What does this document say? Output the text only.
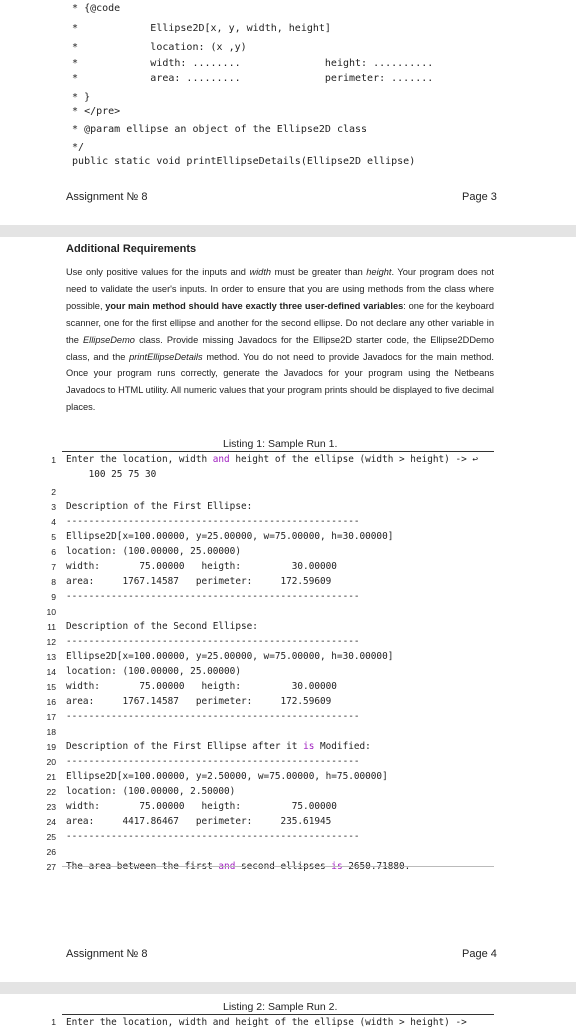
* {@code
*            Ellipse2D[x, y, width, height]
*            location: (x ,y)
*            width: ........              height: ..........
*            area: .........              perimeter: .......
* }
* </pre>
* @param ellipse an object of the Ellipse2D class
*/
public static void printEllipseDetails(Ellipse2D ellipse)
Assignment № 8	Page 3
Additional Requirements
Use only positive values for the inputs and width must be greater than height. Your program does not need to validate the user's inputs. In order to ensure that you are using methods from the class where possible, your main method should have exactly three user-defined variables: one for the keyboard scanner, one for the first ellipse and another for the second ellipse. Do not declare any other variable in the EllipseDemo class. Provide missing Javadocs for the Ellipse2D starter code, the Ellipse2DDemo class, and the printEllipseDetails method. You do not need to provide Javadocs for the main method. Once your program runs correctly, generate the Javadocs for your program using the Netbeans Javadocs to HTML utility. All numeric values that your program prints should be displayed to five decimal places.
Listing 1: Sample Run 1.
1 Enter the location, width and height of the ellipse (width > height) -> ↩
100 25 75 30
2
3 Description of the First Ellipse:
4 ----------------------------------------------------
5 Ellipse2D[x=100.00000, y=25.00000, w=75.00000, h=30.00000]
6 location: (100.00000, 25.00000)
7 width:       75.00000   heigth:         30.00000
8 area:     1767.14587   perimeter:     172.59609
9 ----------------------------------------------------
10
11 Description of the Second Ellipse:
12 ----------------------------------------------------
13 Ellipse2D[x=100.00000, y=25.00000, w=75.00000, h=30.00000]
14 location: (100.00000, 25.00000)
15 width:       75.00000   heigth:         30.00000
16 area:     1767.14587   perimeter:     172.59609
17 ----------------------------------------------------
18
19 Description of the First Ellipse after it is Modified:
20 ----------------------------------------------------
21 Ellipse2D[x=100.00000, y=2.50000, w=75.00000, h=75.00000]
22 location: (100.00000, 2.50000)
23 width:       75.00000   heigth:         75.00000
24 area:     4417.86467   perimeter:     235.61945
25 ----------------------------------------------------
26
27
Assignment № 8	Page 4
Listing 2: Sample Run 2.
1 Enter the location, width and height of the ellipse (width > height) ->
